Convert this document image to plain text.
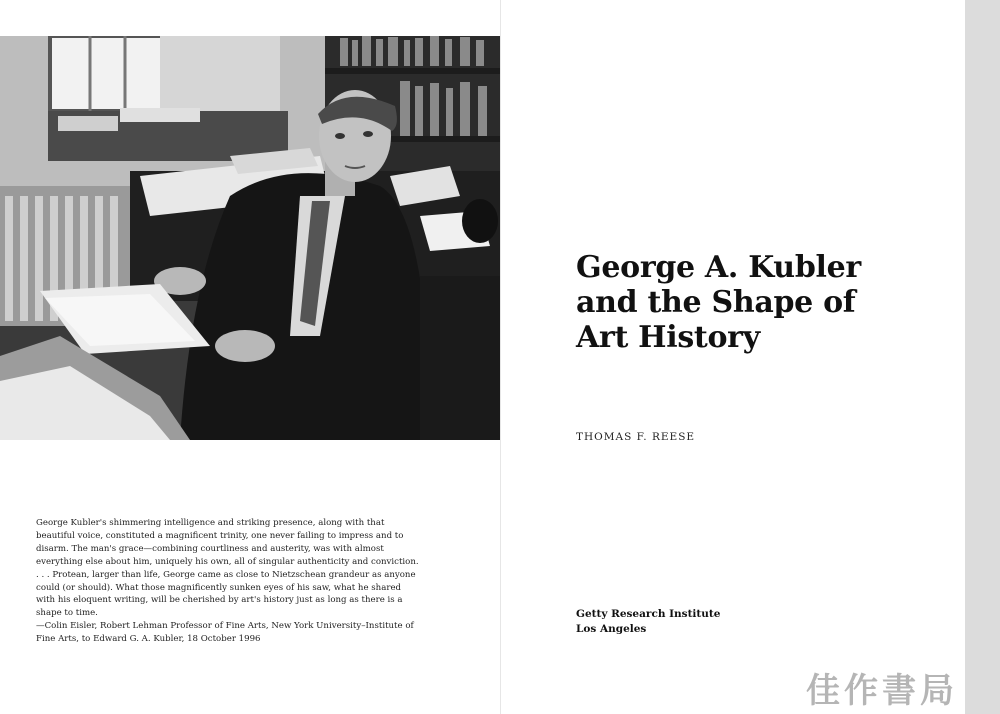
George Kubler's shimmering intelligence and striking presence, along with that beautiful voice, constituted a magnificent trinity, one never failing to impress and to disarm. The man's grace—combining courtliness and austerity, was with almost everything else about him, uniquely his own, all of singular authenticity and conviction. . . . Protean, larger than life, George came as close to Nietzschean grandeur as anyone could (or should). What those magnificently sunken eyes of his saw, what he shared with his eloquent writing, will be cherished by art's history just as long as there is a shape to time.

—Colin Eisler, Robert Lehman Professor of Fine Arts, New York University–Institute of Fine Arts, to Edward G. A. Kubler, 18 October 1996

George A. Kubler
and the Shape of
Art History
THOMAS F. REESE
Getty Research Institute
Los Angeles
佳作書局
